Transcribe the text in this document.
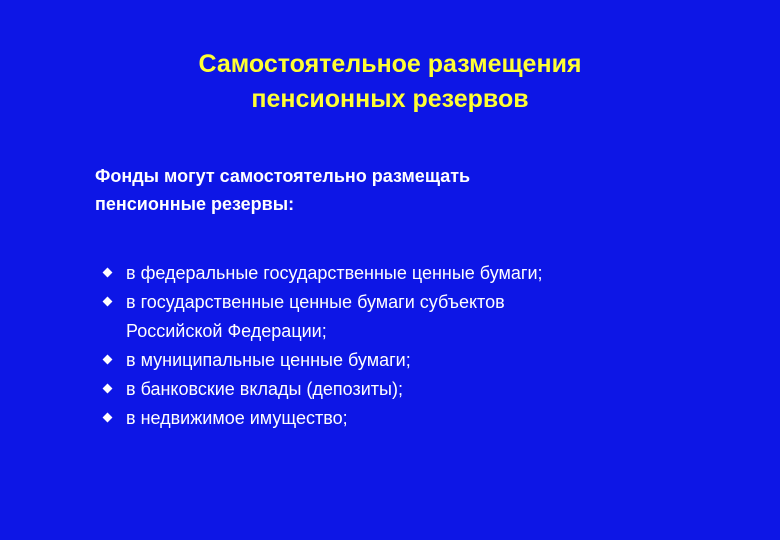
Самостоятельное размещения
пенсионных резервов
Фонды могут самостоятельно размещать
пенсионные резервы:
в федеральные государственные ценные бумаги;
в государственные ценные бумаги субъектов
Российской Федерации;
в муниципальные ценные бумаги;
в банковские вклады (депозиты);
в недвижимое имущество;
